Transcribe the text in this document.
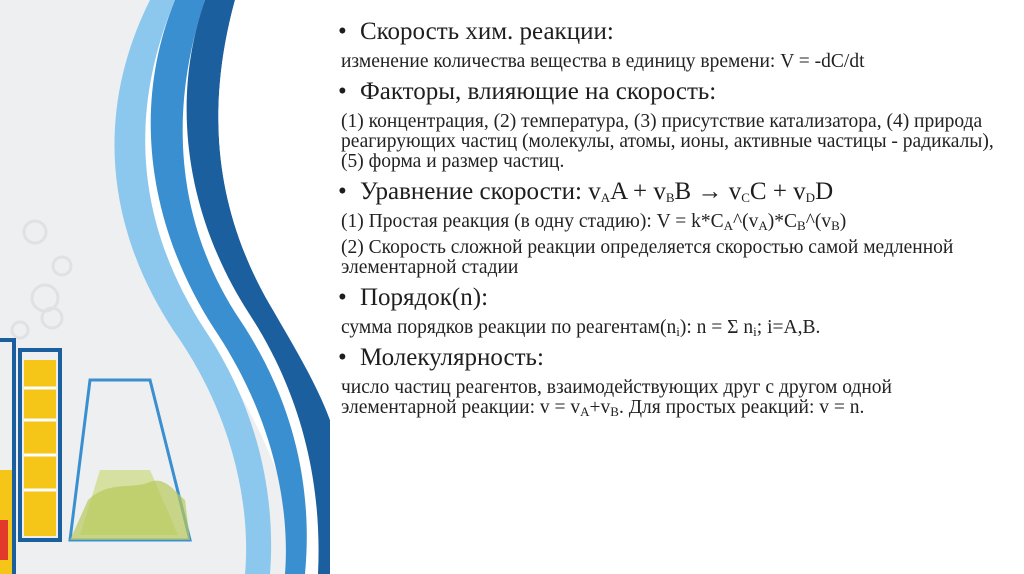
• Скорость хим. реакции:

изменение количества вещества в единицу времени: V = -dC/dt

• Факторы, влияющие на скорость:

(1) концентрация, (2) температура, (3) присутствие катализатора, (4) природа реагирующих частиц (молекулы, атомы, ионы, активные частицы - радикалы), (5) форма и размер частиц.

• Уравнение скорости: $v_AA + v_BB \to v_CC + v_DD$

(1) Простая реакция (в одну стадию): $V = k*C_A\^{}(v_A)*C_B\^{}(v_B)$

(2) Скорость сложной реакции определяется скоростью самой медленной элементарной стадии

• Порядок(n):

сумма порядков реакции по $реагентам(n_i)$: n = Σ $n_i$; i=A,B.

• Молекулярность:

число частиц реагентов, взаимодействующих друг с другом одной элементарной реакции: $v = v_A+v_B$. Для простых реакций: v = n.
